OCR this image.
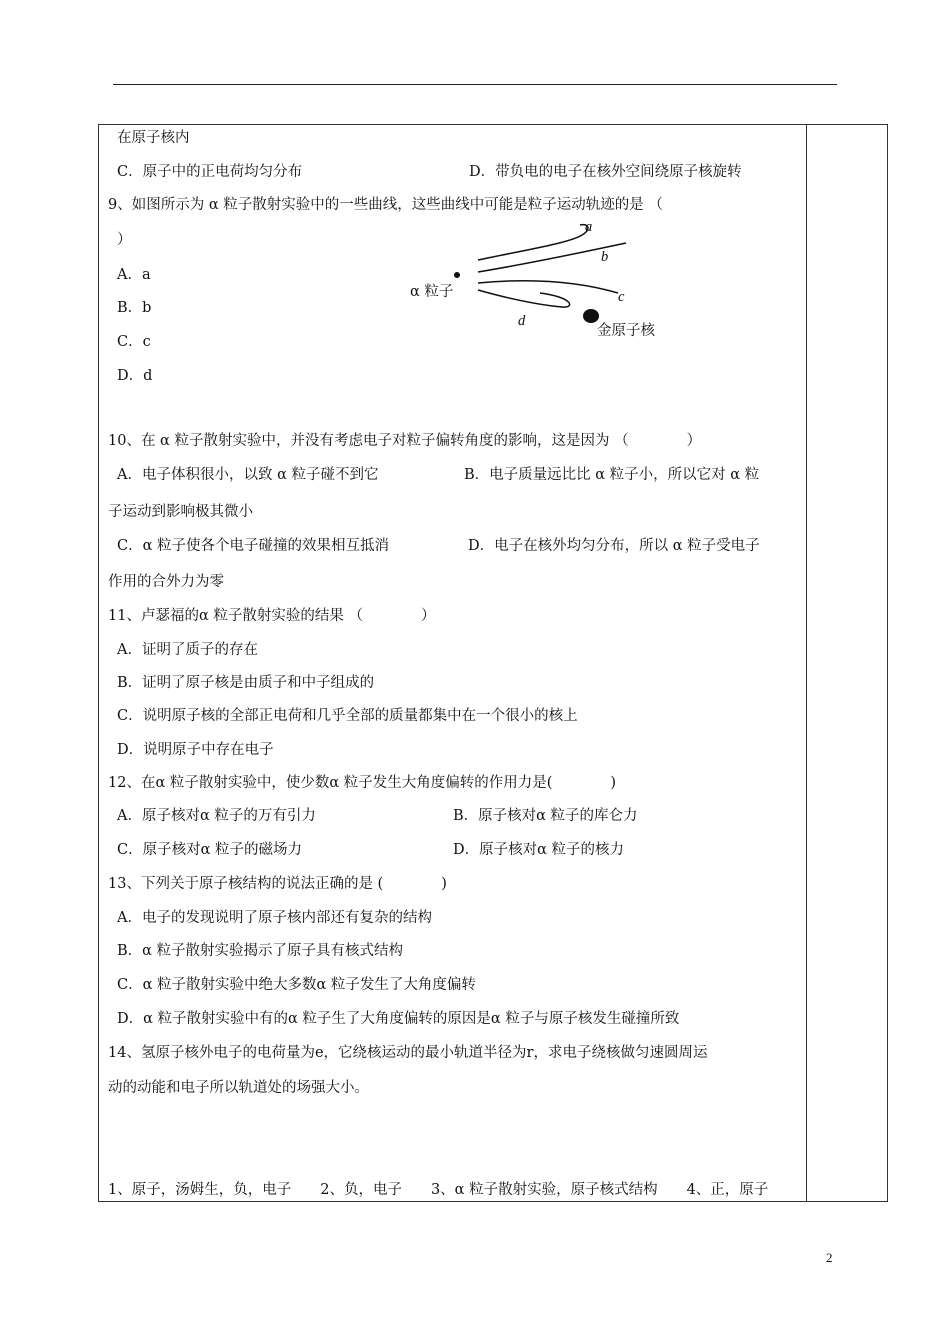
在原子核内
C．原子中的正电荷均匀分布	D．带负电的电子在核外空间绕原子核旋转
9、如图所示为 α 粒子散射实验中的一些曲线，这些曲线中可能是粒子运动轨迹的是 （
）
A．a
B．b
C．c
D．d
α 粒子
金原子核
a
b
c
d
10、在 α 粒子散射实验中，并没有考虑电子对粒子偏转角度的影响，这是因为 （　　　　）
A．电子体积很小，以致 α 粒子碰不到它	B．电子质量远比比 α 粒子小，所以它对 α 粒
子运动到影响极其微小
C．α 粒子使各个电子碰撞的效果相互抵消	D．电子在核外均匀分布，所以 α 粒子受电子
作用的合外力为零
11、卢瑟福的α 粒子散射实验的结果 （　　　　）
A．证明了质子的存在
B．证明了原子核是由质子和中子组成的
C．说明原子核的全部正电荷和几乎全部的质量都集中在一个很小的核上
D．说明原子中存在电子
12、在α 粒子散射实验中，使少数α 粒子发生大角度偏转的作用力是(　　　　)
A．原子核对α 粒子的万有引力	B．原子核对α 粒子的库仑力
C．原子核对α 粒子的磁场力	D．原子核对α 粒子的核力
13、下列关于原子核结构的说法正确的是 (　　　　)
A．电子的发现说明了原子核内部还有复杂的结构
B．α 粒子散射实验揭示了原子具有核式结构
C．α 粒子散射实验中绝大多数α 粒子发生了大角度偏转
D．α 粒子散射实验中有的α 粒子生了大角度偏转的原因是α 粒子与原子核发生碰撞所致
14、氢原子核外电子的电荷量为e，它绕核运动的最小轨道半径为r，求电子绕核做匀速圆周运
动的动能和电子所以轨道处的场强大小。
1、原子，汤姆生，负，电子　　2、负，电子　　3、α 粒子散射实验，原子核式结构　　4、正，原子
2
